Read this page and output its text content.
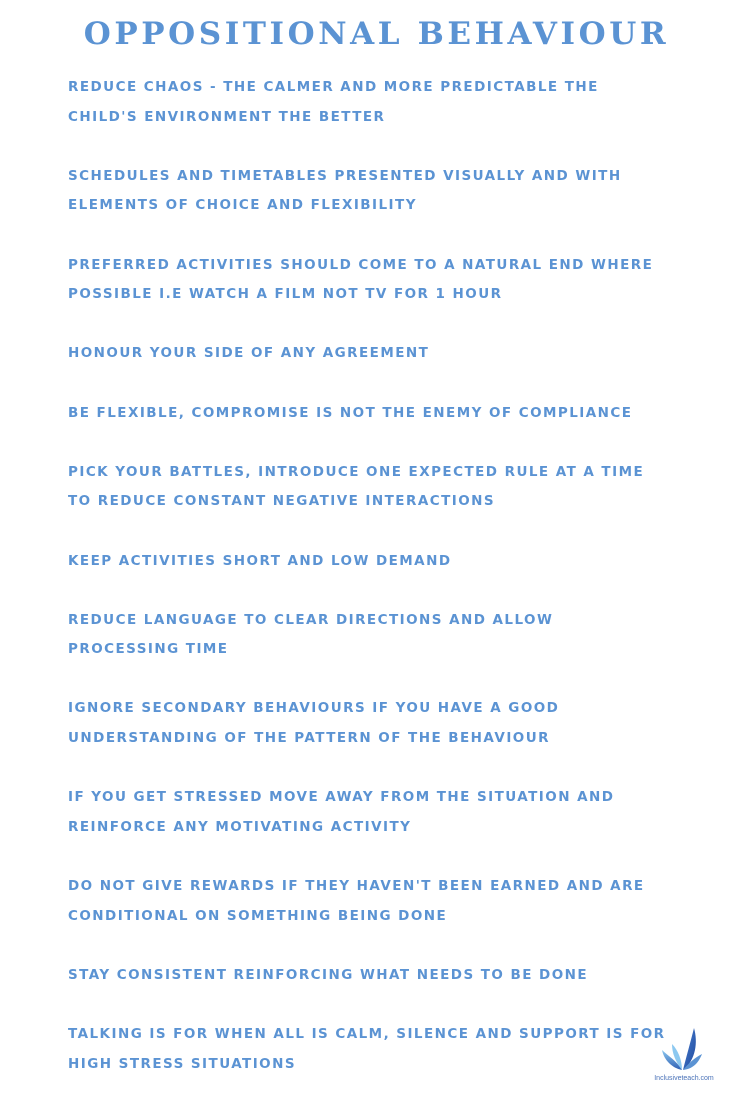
OPPOSITIONAL BEHAVIOUR
REDUCE CHAOS - THE CALMER AND MORE PREDICTABLE THE CHILD'S ENVIRONMENT THE BETTER
SCHEDULES AND TIMETABLES PRESENTED VISUALLY AND WITH ELEMENTS OF CHOICE AND FLEXIBILITY
PREFERRED ACTIVITIES SHOULD COME TO A NATURAL END WHERE POSSIBLE I.E WATCH A FILM NOT TV FOR 1 HOUR
HONOUR YOUR SIDE OF ANY AGREEMENT
BE FLEXIBLE, COMPROMISE IS NOT THE ENEMY OF COMPLIANCE
PICK YOUR BATTLES, INTRODUCE ONE EXPECTED RULE AT A TIME TO REDUCE CONSTANT NEGATIVE INTERACTIONS
KEEP ACTIVITIES SHORT AND LOW DEMAND
REDUCE LANGUAGE TO CLEAR DIRECTIONS AND ALLOW PROCESSING TIME
IGNORE SECONDARY BEHAVIOURS IF YOU HAVE A GOOD UNDERSTANDING OF THE PATTERN OF THE BEHAVIOUR
IF YOU GET STRESSED MOVE AWAY FROM THE SITUATION AND REINFORCE ANY MOTIVATING ACTIVITY
DO NOT GIVE REWARDS IF THEY HAVEN'T BEEN EARNED AND ARE CONDITIONAL ON SOMETHING BEING DONE
STAY CONSISTENT REINFORCING WHAT NEEDS TO BE DONE
TALKING IS FOR WHEN ALL IS CALM, SILENCE AND SUPPORT IS FOR HIGH STRESS SITUATIONS
Inclusiveteach.com
